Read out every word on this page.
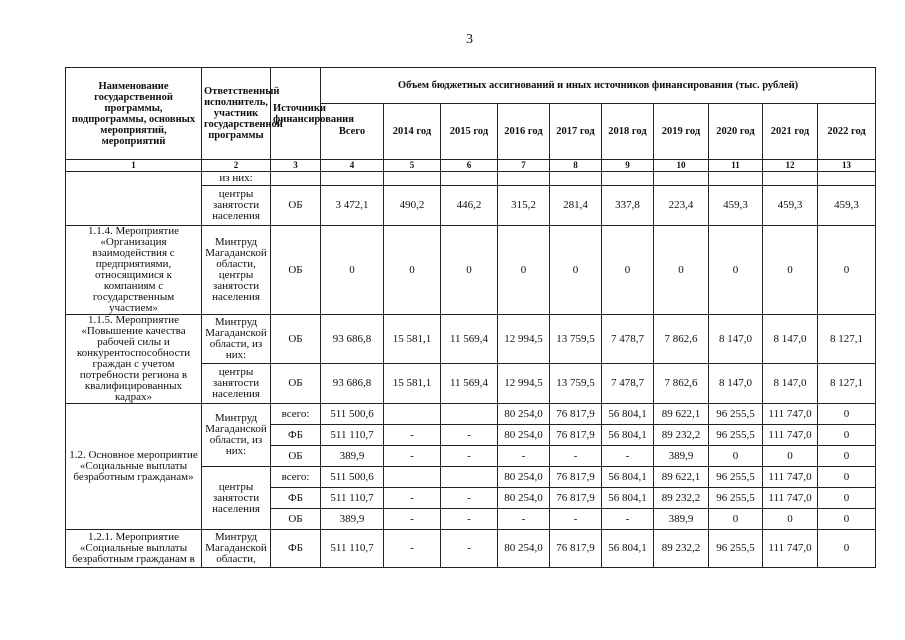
3
Наименование государственной программы, подпрограммы, основных мероприятий, мероприятий	Ответственный исполнитель, участник государственной программы	Источники финансирования	Объем бюджетных ассигнований и иных источников финансирования (тыс. рублей)									
			Всего	2014 год	2015 год	2016 год	2017 год	2018 год	2019 год	2020 год	2021 год	2022 год
1	2	3	4	5	6	7	8	9	10	11	12	13
	из них:											
	центры занятости населения	ОБ	3 472,1	490,2	446,2	315,2	281,4	337,8	223,4	459,3	459,3	459,3
1.1.4. Мероприятие «Организация взаимодействия с предприятиями, относящимися к компаниям с государственным участием»	Минтруд Магаданской области, центры занятости населения	ОБ	0	0	0	0	0	0	0	0	0	0
1.1.5. Мероприятие «Повышение качества рабочей силы и конкурентоспособности граждан с учетом потребности региона в квалифицированных кадрах»	Минтруд Магаданской области, из них:	ОБ	93 686,8	15 581,1	11 569,4	12 994,5	13 759,5	7 478,7	7 862,6	8 147,0	8 147,0	8 127,1
	центры занятости населения	ОБ	93 686,8	15 581,1	11 569,4	12 994,5	13 759,5	7 478,7	7 862,6	8 147,0	8 147,0	8 127,1
1.2. Основное мероприятие «Социальные выплаты безработным гражданам»	Минтруд Магаданской области, из них:	всего:	511 500,6			80 254,0	76 817,9	56 804,1	89 622,1	96 255,5	111 747,0	0
		ФБ	511 110,7	-	-	80 254,0	76 817,9	56 804,1	89 232,2	96 255,5	111 747,0	0
		ОБ	389,9	-	-	-	-	-	389,9	0	0	0
	центры занятости населения	всего:	511 500,6			80 254,0	76 817,9	56 804,1	89 622,1	96 255,5	111 747,0	0
		ФБ	511 110,7	-	-	80 254,0	76 817,9	56 804,1	89 232,2	96 255,5	111 747,0	0
		ОБ	389,9	-	-	-	-	-	389,9	0	0	0
1.2.1. Мероприятие «Социальные выплаты безработным гражданам в	Минтруд Магаданской области,	ФБ	511 110,7	-	-	80 254,0	76 817,9	56 804,1	89 232,2	96 255,5	111 747,0	0
